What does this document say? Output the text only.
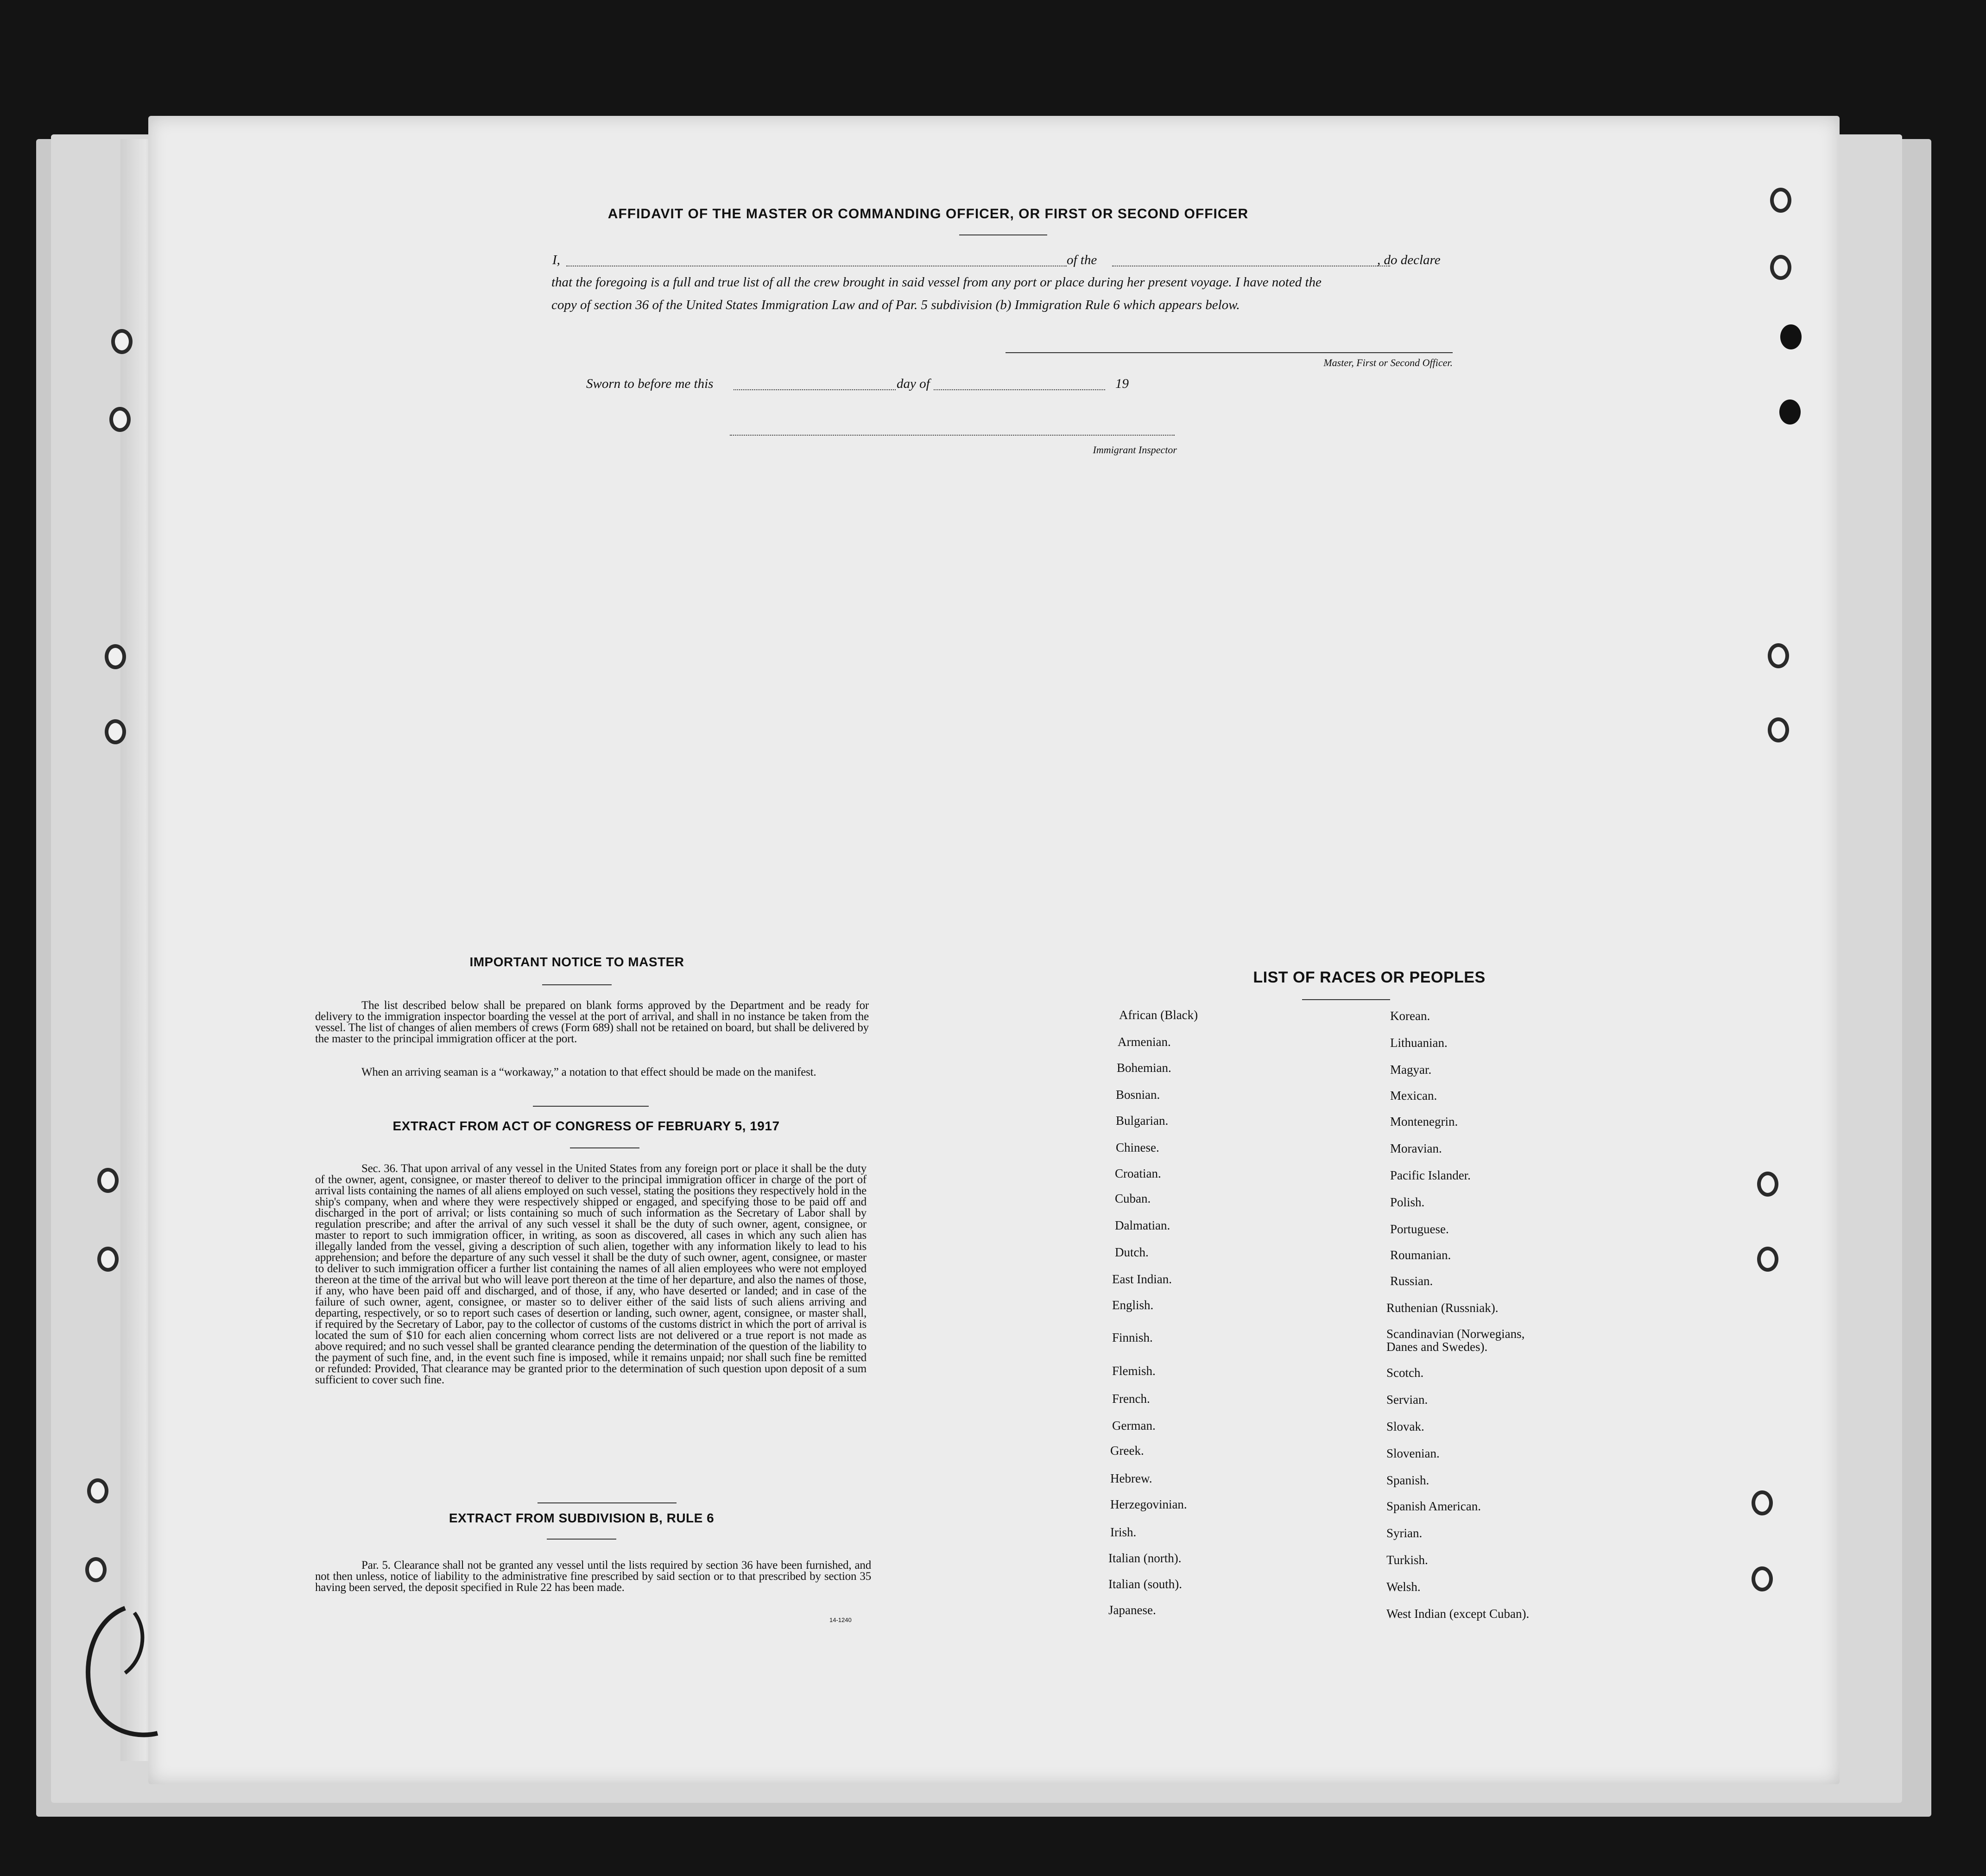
AFFIDAVIT OF THE MASTER OR COMMANDING OFFICER, OR FIRST OR SECOND OFFICER
I,	of the	, do declare
that the foregoing is a full and true list of all the crew brought in said vessel from any port or place during her present voyage. I have noted the
copy of section 36 of the United States Immigration Law and of Par. 5 subdivision (b) Immigration Rule 6 which appears below.
Master, First or Second Officer.
Sworn to before me this	day of	19
Immigrant Inspector
IMPORTANT NOTICE TO MASTER
The list described below shall be prepared on blank forms approved by the Department and be ready for delivery to the immigration inspector boarding the vessel at the port of arrival, and shall in no instance be taken from the vessel. The list of changes of alien members of crews (Form 689) shall not be retained on board, but shall be delivered by the master to the principal immigration officer at the port.
When an arriving seaman is a “workaway,” a notation to that effect should be made on the manifest.
EXTRACT FROM ACT OF CONGRESS OF FEBRUARY 5, 1917
Sec. 36. That upon arrival of any vessel in the United States from any foreign port or place it shall be the duty of the owner, agent, consignee, or master thereof to deliver to the principal immigration officer in charge of the port of arrival lists containing the names of all aliens employed on such vessel, stating the positions they respectively hold in the ship's company, when and where they were respectively shipped or engaged, and specifying those to be paid off and discharged in the port of arrival; or lists containing so much of such information as the Secretary of Labor shall by regulation prescribe; and after the arrival of any such vessel it shall be the duty of such owner, agent, consignee, or master to report to such immigration officer, in writing, as soon as discovered, all cases in which any such alien has illegally landed from the vessel, giving a description of such alien, together with any information likely to lead to his apprehension; and before the departure of any such vessel it shall be the duty of such owner, agent, consignee, or master to deliver to such immigration officer a further list containing the names of all alien employees who were not employed thereon at the time of the arrival but who will leave port thereon at the time of her departure, and also the names of those, if any, who have been paid off and discharged, and of those, if any, who have deserted or landed; and in case of the failure of such owner, agent, consignee, or master so to deliver either of the said lists of such aliens arriving and departing, respectively, or so to report such cases of desertion or landing, such owner, agent, consignee, or master shall, if required by the Secretary of Labor, pay to the collector of customs of the customs district in which the port of arrival is located the sum of $10 for each alien concerning whom correct lists are not delivered or a true report is not made as above required; and no such vessel shall be granted clearance pending the determination of the question of the liability to the payment of such fine, and, in the event such fine is imposed, while it remains unpaid; nor shall such fine be remitted or refunded: Provided, That clearance may be granted prior to the determination of such question upon deposit of a sum sufficient to cover such fine.
EXTRACT FROM SUBDIVISION B, RULE 6
Par. 5. Clearance shall not be granted any vessel until the lists required by section 36 have been furnished, and not then unless, notice of liability to the administrative fine prescribed by said section or to that prescribed by section 35 having been served, the deposit specified in Rule 22 has been made.
14-1240
LIST OF RACES OR PEOPLES
African (Black)
Armenian.
Bohemian.
Bosnian.
Bulgarian.
Chinese.
Croatian.
Cuban.
Dalmatian.
Dutch.
East Indian.
English.
Finnish.
Flemish.
French.
German.
Greek.
Hebrew.
Herzegovinian.
Irish.
Italian (north).
Italian (south).
Japanese.
Korean.
Lithuanian.
Magyar.
Mexican.
Montenegrin.
Moravian.
Pacific Islander.
Polish.
Portuguese.
Roumanian.
Russian.
Ruthenian (Russniak).
Scandinavian (Norwegians,
Danes and Swedes).
Scotch.
Servian.
Slovak.
Slovenian.
Spanish.
Spanish American.
Syrian.
Turkish.
Welsh.
West Indian (except Cuban).
